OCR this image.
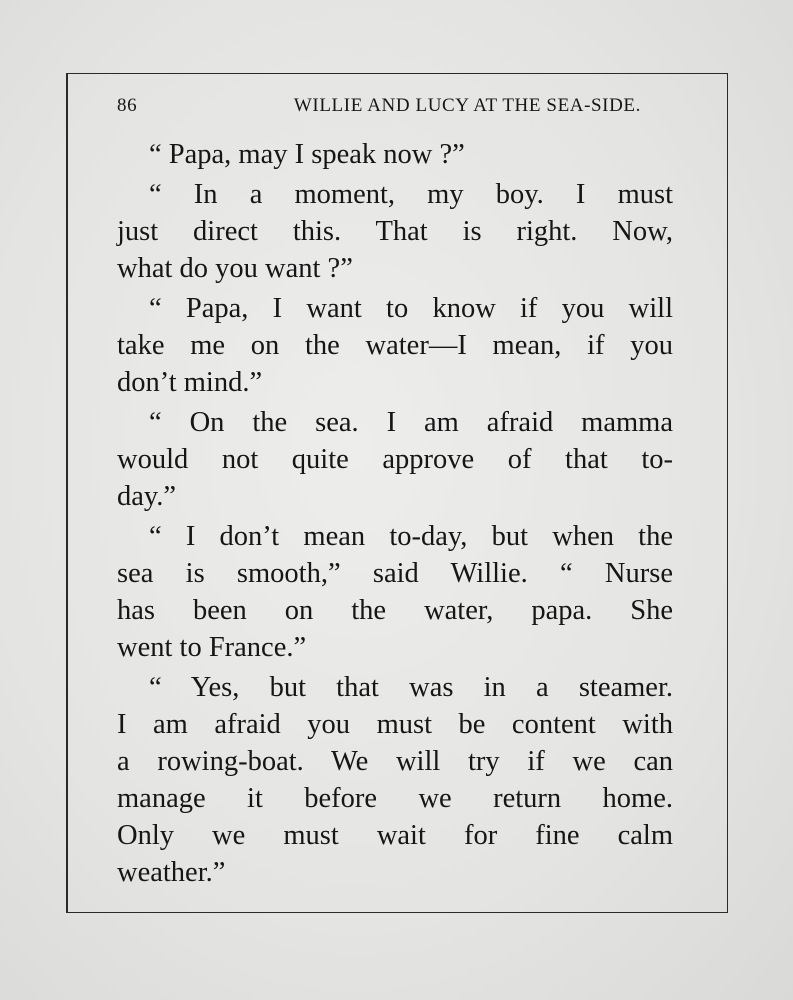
86	WILLIE AND LUCY AT THE SEA-SIDE.
“ Papa, may I speak now ?”
“ In a moment, my boy. I must
just direct this. That is right. Now,
what do you want ?”
“ Papa, I want to know if you will
take me on the water—I mean, if you
don’t mind.”
“ On the sea. I am afraid mamma
would not quite approve of that to-
day.”
“ I don’t mean to-day, but when the
sea is smooth,” said Willie. “ Nurse
has been on the water, papa. She
went to France.”
“ Yes, but that was in a steamer.
I am afraid you must be content with
a rowing-boat. We will try if we can
manage it before we return home.
Only we must wait for fine calm
weather.”
